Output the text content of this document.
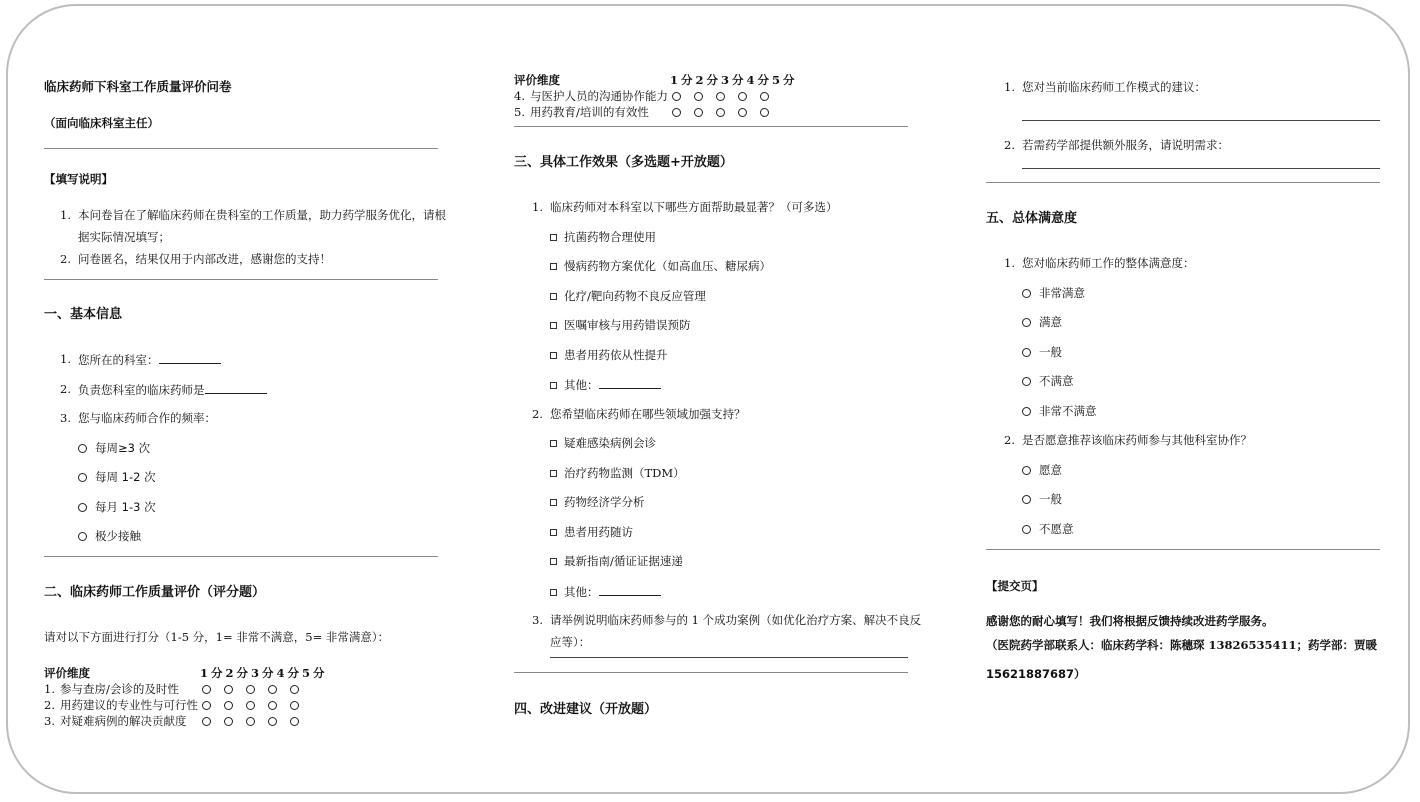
临床药师下科室工作质量评价问卷
（面向临床科室主任）
【填写说明】
1. 本问卷旨在了解临床药师在贵科室的工作质量，助力药学服务优化，请根
据实际情况填写；
2. 问卷匿名，结果仅用于内部改进，感谢您的支持！
一、基本信息
1. 您所在的科室：
2. 负责您科室的临床药师是
3. 您与临床药师合作的频率：
每周≥3 次
每周 1-2 次
每月 1-3 次
极少接触
二、临床药师工作质量评价（评分题）
请对以下方面进行打分（1-5 分，1= 非常不满意，5= 非常满意）：
评价维度	1 分 2 分 3 分 4 分 5 分
1. 参与查房/会诊的及时性
2. 用药建议的专业性与可行性
3. 对疑难病例的解决贡献度
评价维度	1 分 2 分 3 分 4 分 5 分
4. 与医护人员的沟通协作能力
5. 用药教育/培训的有效性
三、具体工作效果（多选题+开放题）
1. 临床药师对本科室以下哪些方面帮助最显著？（可多选）
抗菌药物合理使用
慢病药物方案优化（如高血压、糖尿病）
化疗/靶向药物不良反应管理
医嘱审核与用药错误预防
患者用药依从性提升
其他：
2. 您希望临床药师在哪些领域加强支持？
疑难感染病例会诊
治疗药物监测（TDM）
药物经济学分析
患者用药随访
最新指南/循证证据速递
其他：
3. 请举例说明临床药师参与的 1 个成功案例（如优化治疗方案、解决不良反
应等）：
四、改进建议（开放题）
1. 您对当前临床药师工作模式的建议：
2. 若需药学部提供额外服务，请说明需求：
五、总体满意度
1. 您对临床药师工作的整体满意度：
非常满意
满意
一般
不满意
非常不满意
2. 是否愿意推荐该临床药师参与其他科室协作？
愿意
一般
不愿意
【提交页】
感谢您的耐心填写！我们将根据反馈持续改进药学服务。
（医院药学部联系人：临床药学科：陈穗琛 13826535411；药学部：贾暖
15621887687）
